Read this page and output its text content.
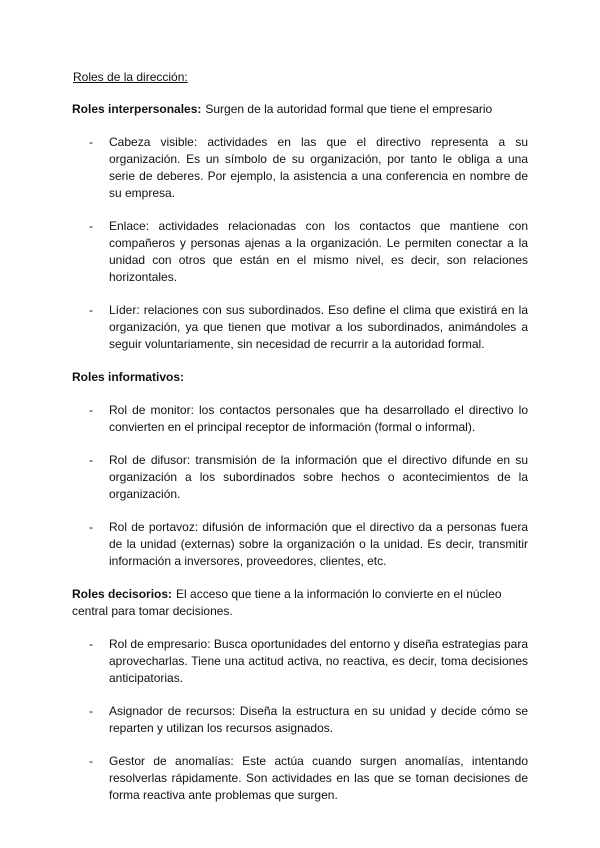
Roles de la dirección:
Roles interpersonales: Surgen de la autoridad formal que tiene el empresario
-	Cabeza visible: actividades en las que el directivo representa a su organización. Es un símbolo de su organización, por tanto le obliga a una serie de deberes. Por ejemplo, la asistencia a una conferencia en nombre de su empresa.
-	Enlace: actividades relacionadas con los contactos que mantiene con compañeros y personas ajenas a la organización. Le permiten conectar a la unidad con otros que están en el mismo nivel, es decir, son relaciones horizontales.
-	Líder: relaciones con sus subordinados. Eso define el clima que existirá en la organización, ya que tienen que motivar a los subordinados, animándoles a seguir voluntariamente, sin necesidad de recurrir a la autoridad formal.
Roles informativos:
-	Rol de monitor: los contactos personales que ha desarrollado el directivo lo convierten en el principal receptor de información (formal o informal).
-	Rol de difusor: transmisión de la información que el directivo difunde en su organización a los subordinados sobre hechos o acontecimientos de la organización.
-	Rol de portavoz: difusión de información que el directivo da a personas fuera de la unidad (externas) sobre la organización o la unidad. Es decir, transmitir información a inversores, proveedores, clientes, etc.
Roles decisorios: El acceso que tiene a la información lo convierte en el núcleo central para tomar decisiones.
-	Rol de empresario: Busca oportunidades del entorno y diseña estrategias para aprovecharlas. Tiene una actitud activa, no reactiva, es decir, toma decisiones anticipatorias.
-	Asignador de recursos: Diseña la estructura en su unidad y decide cómo se reparten y utilizan los recursos asignados.
-	Gestor de anomalías: Este actúa cuando surgen anomalías, intentando resolverlas rápidamente. Son actividades en las que se toman decisiones de forma reactiva ante problemas que surgen.
